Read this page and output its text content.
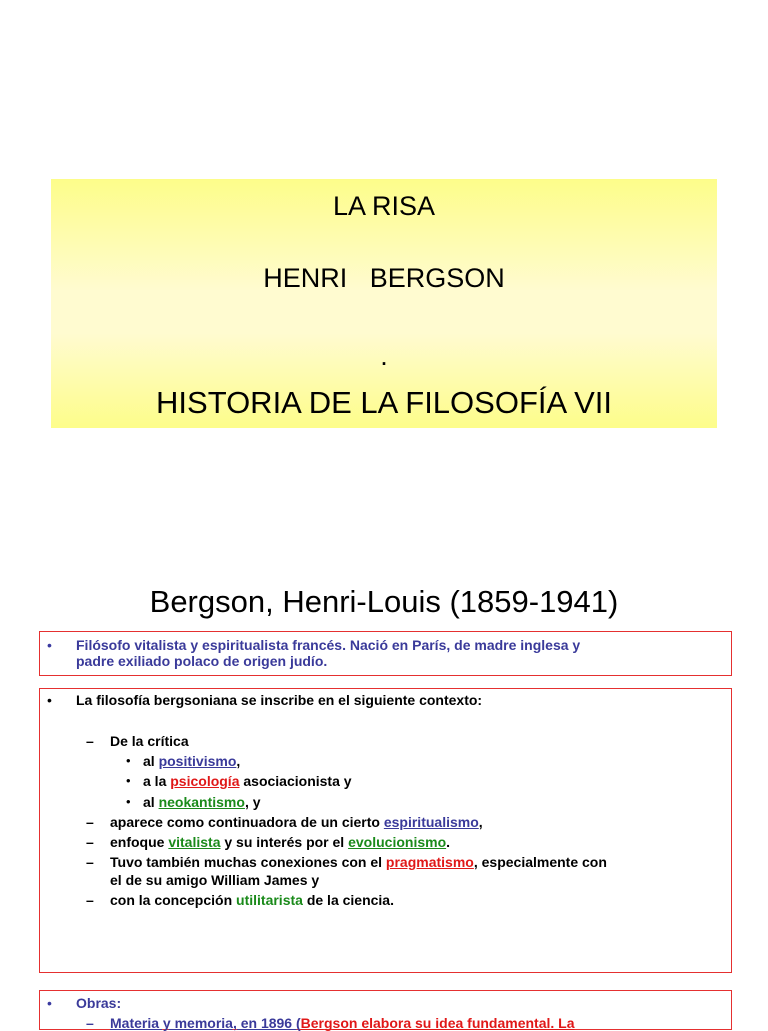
LA RISA
HENRI   BERGSON
.
HISTORIA DE LA FILOSOFÍA VII
Bergson, Henri-Louis (1859-1941)
• Filósofo vitalista y espiritualista francés. Nació en París, de madre inglesa y
padre exiliado polaco de origen judío.
• La filosofía bergsoniana se inscribe en el siguiente contexto:
– De la crítica
• al positivismo,
• a la psicología asociacionista y
• al neokantismo, y
– aparece como continuadora de un cierto espiritualismo,
– enfoque vitalista y su interés por el evolucionismo.
– Tuvo también muchas conexiones con el pragmatismo, especialmente con
el de su amigo William James y
– con la concepción utilitarista de la ciencia.
• Obras:
– Materia y memoria, en 1896 (Bergson elabora su idea fundamental. La
